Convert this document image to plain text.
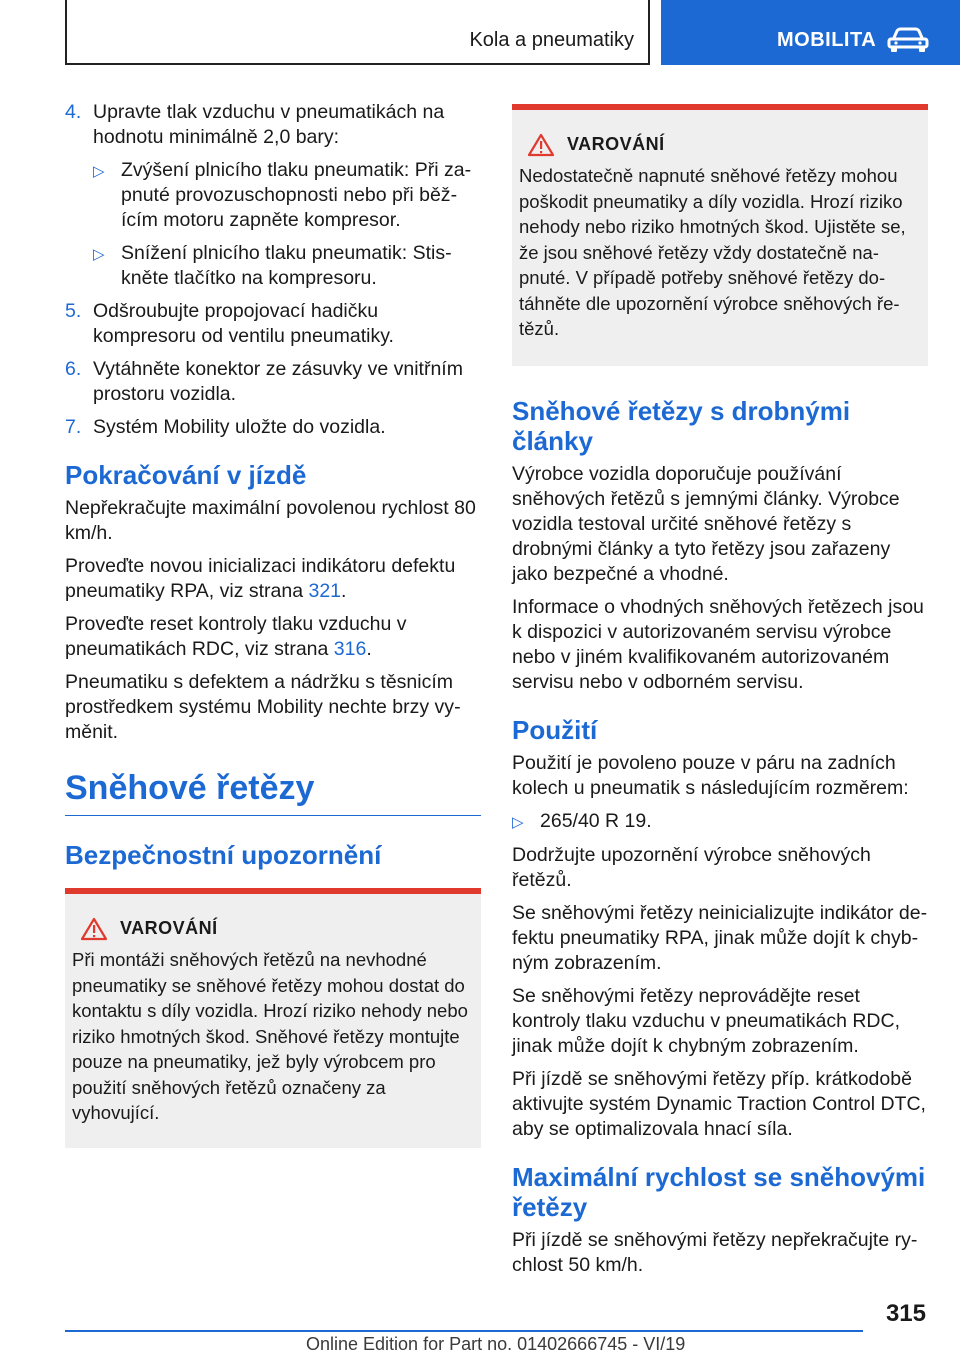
Kola a pneumatiky	MOBILITA
4. Upravte tlak vzduchu v pneumatikách na hodnotu minimálně 2,0 bary:
▷ Zvýšení plnicího tlaku pneumatik: Při zapnuté provozuschopnosti nebo při běžícím motoru zapněte kompresor.
▷ Snížení plnicího tlaku pneumatik: Stiskněte tlačítko na kompresoru.
5. Odšroubujte propojovací hadičku kompresoru od ventilu pneumatiky.
6. Vytáhněte konektor ze zásuvky ve vnitřním prostoru vozidla.
7. Systém Mobility uložte do vozidla.
Pokračování v jízdě

Nepřekračujte maximální povolenou rychlost 80 km/h.

Proveďte novou inicializaci indikátoru defektu pneumatiky RPA, viz strana 321.

Proveďte reset kontroly tlaku vzduchu v pneumatikách RDC, viz strana 316.

Pneumatiku s defektem a nádržku s těsnicím prostředkem systému Mobility nechte brzy vyměnit.

Sněhové řetězy
Bezpečnostní upozornění
VAROVÁNÍ
Při montáži sněhových řetězů na nevhodné pneumatiky se sněhové řetězy mohou dostat do kontaktu s díly vozidla. Hrozí riziko nehody nebo riziko hmotných škod. Sněhové řetězy montujte pouze na pneumatiky, jež byly výrobcem pro použití sněhových řetězů označeny za vyhovující.
VAROVÁNÍ
Nedostatečně napnuté sněhové řetězy mohou poškodit pneumatiky a díly vozidla. Hrozí riziko nehody nebo riziko hmotných škod. Ujistěte se, že jsou sněhové řetězy vždy dostatečně napnuté. V případě potřeby sněhové řetězy dotáhněte dle upozornění výrobce sněhových řetězů.
Sněhové řetězy s drobnými články

Výrobce vozidla doporučuje používání sněhových řetězů s jemnými články. Výrobce vozidla testoval určité sněhové řetězy s drobnými články a tyto řetězy jsou zařazeny jako bezpečné a vhodné.

Informace o vhodných sněhových řetězech jsou k dispozici v autorizovaném servisu výrobce nebo v jiném kvalifikovaném autorizovaném servisu nebo v odborném servisu.

Použití

Použití je povoleno pouze v páru na zadních kolech u pneumatik s následujícím rozměrem:

▷ 265/40 R 19.

Dodržujte upozornění výrobce sněhových řetězů.

Se sněhovými řetězy neinicializujte indikátor defektu pneumatiky RPA, jinak může dojít k chybným zobrazením.

Se sněhovými řetězy neprovádějte reset kontroly tlaku vzduchu v pneumatikách RDC, jinak může dojít k chybným zobrazením.

Při jízdě se sněhovými řetězy příp. krátkodobě aktivujte systém Dynamic Traction Control DTC, aby se optimalizovala hnací síla.

Maximální rychlost se sněhovými řetězy

Při jízdě se sněhovými řetězy nepřekračujte rychlost 50 km/h.

315
Online Edition for Part no. 01402666745 - VI/19
